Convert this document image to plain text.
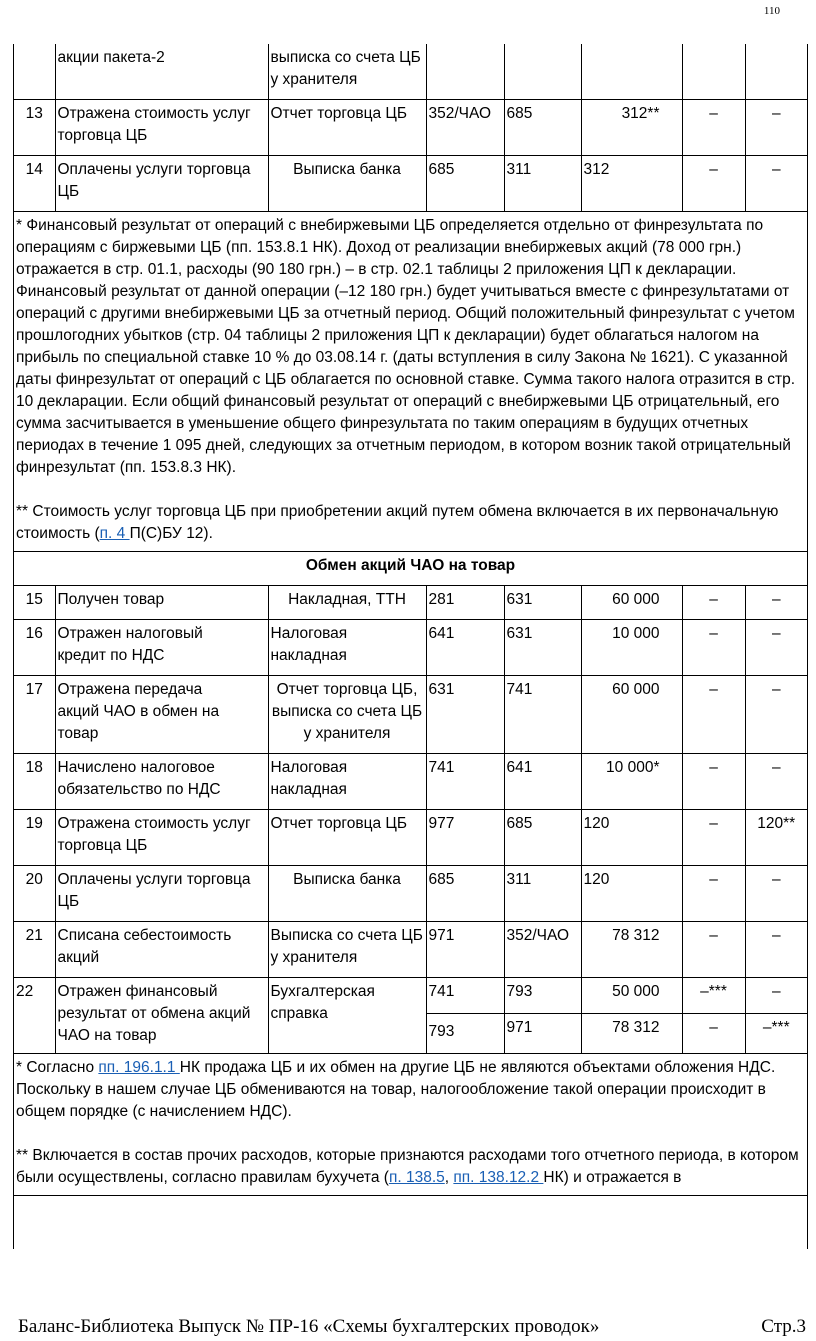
110
	акции пакета-2	выписка со счета ЦБ у хранителя					
13	Отражена стоимость услуг торговца ЦБ	Отчет торговца ЦБ	352/ЧАО	685	312**	–	–
14	Оплачены услуги торговца ЦБ	Выписка банка	685	311	312	–	–

* Финансовый результат от операций с внебиржевыми ЦБ определяется отдельно от финрезультата по операциям с биржевыми ЦБ (пп. 153.8.1 НК). Доход от реализации внебиржевых акций (78 000 грн.) отражается в стр. 01.1, расходы (90 180 грн.) – в стр. 02.1 таблицы 2 приложения ЦП к декларации. Финансовый результат от данной операции (–12 180 грн.) будет учитываться вместе с финрезультатами от операций с другими внебиржевыми ЦБ за отчетный период. Общий положительный финрезультат с учетом прошлогодних убытков (стр. 04 таблицы 2 приложения ЦП к декларации) будет облагаться налогом на прибыль по специальной ставке 10 % до 03.08.14 г. (даты вступления в силу Закона № 1621). С указанной даты финрезультат от операций с ЦБ облагается по основной ставке. Сумма такого налога отразится в стр. 10 декларации. Если общий финансовый результат от операций с внебиржевыми ЦБ отрицательный, его сумма засчитывается в уменьшение общего финрезультата по таким операциям в будущих отчетных периодах в течение 1 095 дней, следующих за отчетным периодом, в котором возник такой отрицательный финрезультат (пп. 153.8.3 НК).

** Стоимость услуг торговца ЦБ при приобретении акций путем обмена включается в их первоначальную стоимость (п. 4 П(С)БУ 12).							

Обмен акций ЧАО на товар							
15	Получен товар	Накладная, ТТН	281	631	60 000	–	–
16	Отражен налоговый кредит по НДС	Налоговая накладная	641	631	10 000	–	–
17	Отражена передача акций ЧАО в обмен на товар	Отчет торговца ЦБ, выписка со счета ЦБ у хранителя	631	741	60 000	–	–
18	Начислено налоговое обязательство по НДС	Налоговая накладная	741	641	10 000*	–	–
19	Отражена стоимость услуг торговца ЦБ	Отчет торговца ЦБ	977	685	120	–	120**
20	Оплачены услуги торговца ЦБ	Выписка банка	685	311	120	–	–
21	Списана себестоимость акций	Выписка со счета ЦБ у хранителя	971	352/ЧАО	78 312	–	–
22	Отражен финансовый результат от обмена акций ЧАО на товар	Бухгалтерская справка	741	793	50 000	–***	–
			793	971	78 312	–	–***

* Согласно пп. 196.1.1 НК продажа ЦБ и их обмен на другие ЦБ не являются объектами обложения НДС. Поскольку в нашем случае ЦБ обмениваются на товар, налогообложение такой операции происходит в общем порядке (с начислением НДС).

** Включается в состав прочих расходов, которые признаются расходами того отчетного периода, в котором были осуществлены, согласно правилам бухучета (п. 138.5, пп. 138.12.2 НК) и отражается в							

Баланс-Библиотека Выпуск № ПР-16 «Схемы бухгалтерских проводок»	Стр.3
